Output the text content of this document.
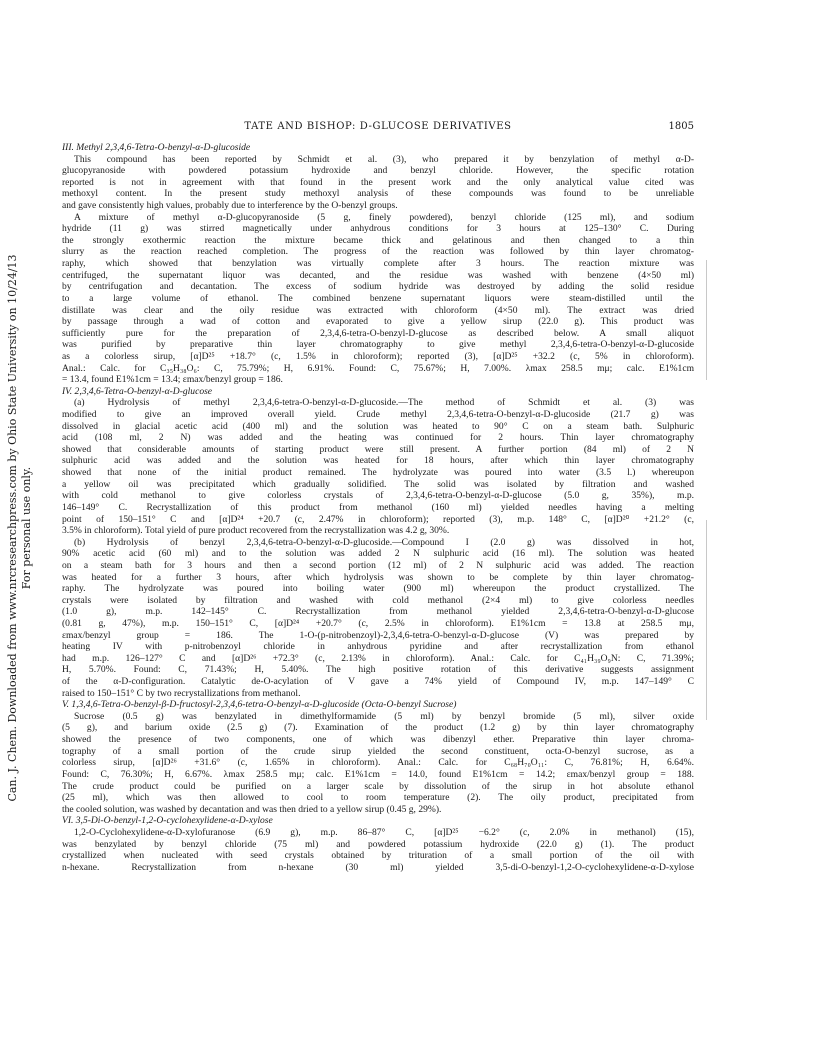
TATE AND BISHOP: D-GLUCOSE DERIVATIVES	1805
Can. J. Chem. Downloaded from www.nrcresearchpress.com by Ohio State University on 10/24/13 For personal use only.
III. Methyl 2,3,4,6-Tetra-O-benzyl-α-D-glucoside
This compound has been reported by Schmidt et al. (3), who prepared it by benzylation of methyl α-D-
glucopyranoside with powdered potassium hydroxide and benzyl chloride. However, the specific rotation
reported is not in agreement with that found in the present work and the only analytical value cited was
methoxyl content. In the present study methoxyl analysis of these compounds was found to be unreliable
and gave consistently high values, probably due to interference by the O-benzyl groups.
A mixture of methyl α-D-glucopyranoside (5 g, finely powdered), benzyl chloride (125 ml), and sodium
hydride (11 g) was stirred magnetically under anhydrous conditions for 3 hours at 125–130° C. During
the strongly exothermic reaction the mixture became thick and gelatinous and then changed to a thin
slurry as the reaction reached completion. The progress of the reaction was followed by thin layer chromatog-
raphy, which showed that benzylation was virtually complete after 3 hours. The reaction mixture was
centrifuged, the supernatant liquor was decanted, and the residue was washed with benzene (4×50 ml)
by centrifugation and decantation. The excess of sodium hydride was destroyed by adding the solid residue
to a large volume of ethanol. The combined benzene supernatant liquors were steam-distilled until the
distillate was clear and the oily residue was extracted with chloroform (4×50 ml). The extract was dried
by passage through a wad of cotton and evaporated to give a yellow sirup (22.0 g). This product was
sufficiently pure for the preparation of 2,3,4,6-tetra-O-benzyl-D-glucose as described below. A small aliquot
was purified by preparative thin layer chromatography to give methyl 2,3,4,6-tetra-O-benzyl-α-D-glucoside
as a colorless sirup, [α]D²⁵ +18.7° (c, 1.5% in chloroform); reported (3), [α]D²⁵ +32.2 (c, 5% in chloroform).
Anal.: Calc. for C₃₅H₃₈O₆: C, 75.79%; H, 6.91%. Found: C, 75.67%; H, 7.00%. λmax 258.5 mμ; calc. E1%1cm
= 13.4, found E1%1cm = 13.4; εmax/benzyl group = 186.
IV. 2,3,4,6-Tetra-O-benzyl-α-D-glucose
(a) Hydrolysis of methyl 2,3,4,6-tetra-O-benzyl-α-D-glucoside.—The method of Schmidt et al. (3) was
modified to give an improved overall yield. Crude methyl 2,3,4,6-tetra-O-benzyl-α-D-glucoside (21.7 g) was
dissolved in glacial acetic acid (400 ml) and the solution was heated to 90° C on a steam bath. Sulphuric
acid (108 ml, 2 N) was added and the heating was continued for 2 hours. Thin layer chromatography
showed that considerable amounts of starting product were still present. A further portion (84 ml) of 2 N
sulphuric acid was added and the solution was heated for 18 hours, after which thin layer chromatography
showed that none of the initial product remained. The hydrolyzate was poured into water (3.5 l.) whereupon
a yellow oil was precipitated which gradually solidified. The solid was isolated by filtration and washed
with cold methanol to give colorless crystals of 2,3,4,6-tetra-O-benzyl-α-D-glucose (5.0 g, 35%), m.p.
146–149° C. Recrystallization of this product from methanol (160 ml) yielded needles having a melting
point of 150–151° C and [α]D²⁴ +20.7 (c, 2.47% in chloroform); reported (3), m.p. 148° C, [α]D²⁰ +21.2° (c,
3.5% in chloroform). Total yield of pure product recovered from the recrystallization was 4.2 g, 30%.
(b) Hydrolysis of benzyl 2,3,4,6-tetra-O-benzyl-α-D-glucoside.—Compound I (2.0 g) was dissolved in hot,
90% acetic acid (60 ml) and to the solution was added 2 N sulphuric acid (16 ml). The solution was heated
on a steam bath for 3 hours and then a second portion (12 ml) of 2 N sulphuric acid was added. The reaction
was heated for a further 3 hours, after which hydrolysis was shown to be complete by thin layer chromatog-
raphy. The hydrolyzate was poured into boiling water (900 ml) whereupon the product crystallized. The
crystals were isolated by filtration and washed with cold methanol (2×4 ml) to give colorless needles
(1.0 g), m.p. 142–145° C. Recrystallization from methanol yielded 2,3,4,6-tetra-O-benzyl-α-D-glucose
(0.81 g, 47%), m.p. 150–151° C, [α]D²⁴ +20.7° (c, 2.5% in chloroform). E1%1cm = 13.8 at 258.5 mμ,
εmax/benzyl group = 186. The 1-O-(p-nitrobenzoyl)-2,3,4,6-tetra-O-benzyl-α-D-glucose (V) was prepared by
heating IV with p-nitrobenzoyl chloride in anhydrous pyridine and after recrystallization from ethanol
had m.p. 126–127° C and [α]D²⁶ +72.3° (c, 2.13% in chloroform). Anal.: Calc. for C₄₁H₃₉O₉N: C, 71.39%;
H, 5.70%. Found: C, 71.43%; H, 5.40%. The high positive rotation of this derivative suggests assignment
of the α-D-configuration. Catalytic de-O-acylation of V gave a 74% yield of Compound IV, m.p. 147–149° C
raised to 150–151° C by two recrystallizations from methanol.
V. 1,3,4,6-Tetra-O-benzyl-β-D-fructosyl-2,3,4,6-tetra-O-benzyl-α-D-glucoside (Octa-O-benzyl Sucrose)
Sucrose (0.5 g) was benzylated in dimethylformamide (5 ml) by benzyl bromide (5 ml), silver oxide
(5 g), and barium oxide (2.5 g) (7). Examination of the product (1.2 g) by thin layer chromatography
showed the presence of two components, one of which was dibenzyl ether. Preparative thin layer chroma-
tography of a small portion of the crude sirup yielded the second constituent, octa-O-benzyl sucrose, as a
colorless sirup, [α]D²⁶ +31.6° (c, 1.65% in chloroform). Anal.: Calc. for C₆₈H₇₀O₁₁: C, 76.81%; H, 6.64%.
Found: C, 76.30%; H, 6.67%. λmax 258.5 mμ; calc. E1%1cm = 14.0, found E1%1cm = 14.2; εmax/benzyl group = 188.
The crude product could be purified on a larger scale by dissolution of the sirup in hot absolute ethanol
(25 ml), which was then allowed to cool to room temperature (2). The oily product, precipitated from
the cooled solution, was washed by decantation and was then dried to a yellow sirup (0.45 g, 29%).
VI. 3,5-Di-O-benzyl-1,2-O-cyclohexylidene-α-D-xylose
1,2-O-Cyclohexylidene-α-D-xylofuranose (6.9 g), m.p. 86–87° C, [α]D²⁵ −6.2° (c, 2.0% in methanol) (15),
was benzylated by benzyl chloride (75 ml) and powdered potassium hydroxide (22.0 g) (1). The product
crystallized when nucleated with seed crystals obtained by trituration of a small portion of the oil with
n-hexane. Recrystallization from n-hexane (30 ml) yielded 3,5-di-O-benzyl-1,2-O-cyclohexylidene-α-D-xylose
